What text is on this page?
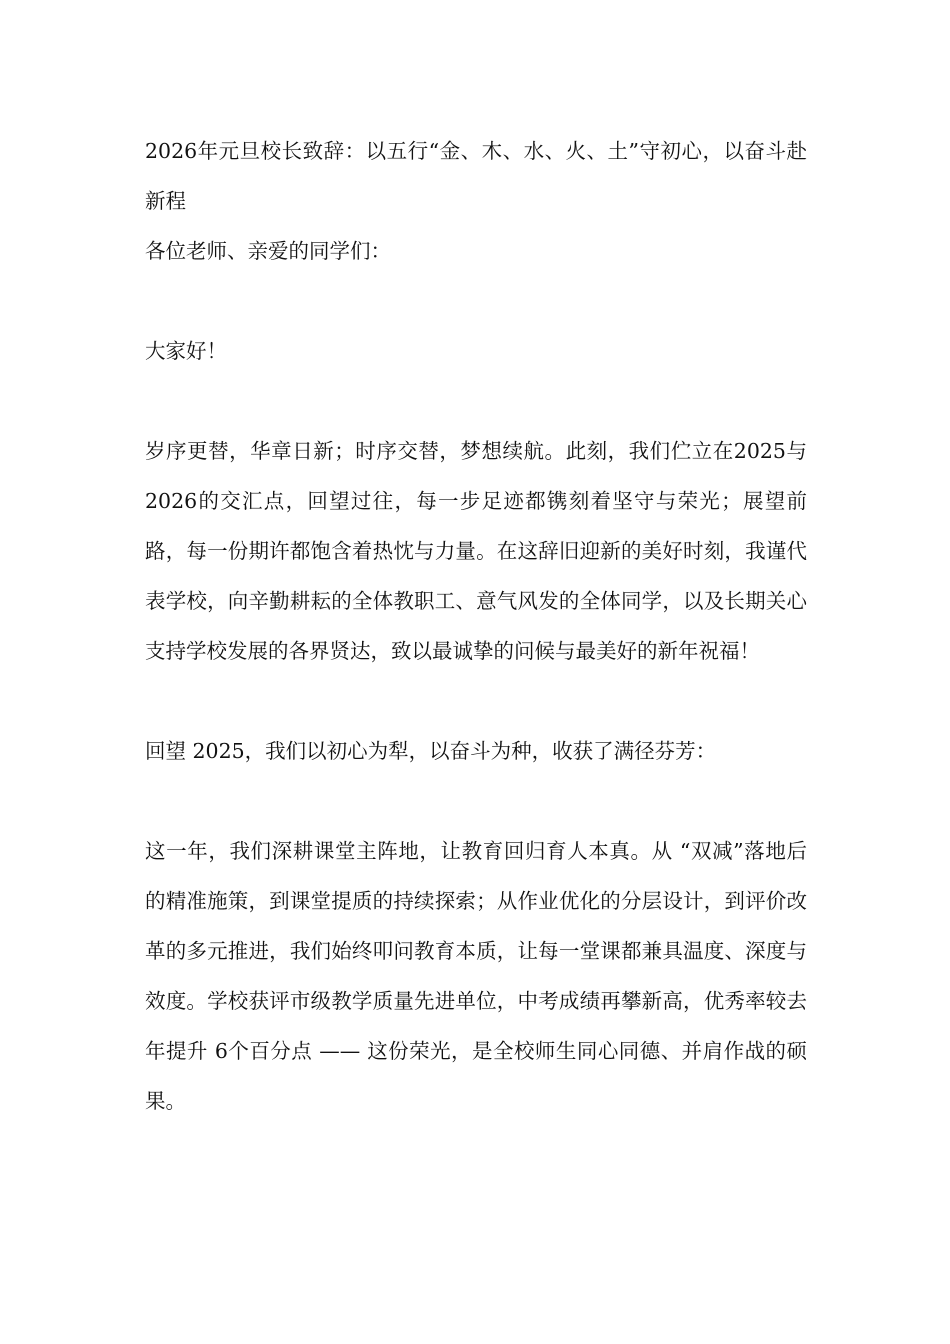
2026年元旦校长致辞：以五行“金、木、水、火、土”守初心，以奋斗赴新程

各位老师、亲爱的同学们：

大家好！

岁序更替，华章日新；时序交替，梦想续航。此刻，我们伫立在2025与 2026的交汇点，回望过往，每一步足迹都镌刻着坚守与荣光；展望前路，每一份期许都饱含着热忱与力量。在这辞旧迎新的美好时刻，我谨代表学校，向辛勤耕耘的全体教职工、意气风发的全体同学，以及长期关心支持学校发展的各界贤达，致以最诚挚的问候与最美好的新年祝福！

回望 2025，我们以初心为犁，以奋斗为种，收获了满径芬芳：

这一年，我们深耕课堂主阵地，让教育回归育人本真。从 “双减”落地后的精准施策，到课堂提质的持续探索；从作业优化的分层设计，到评价改革的多元推进，我们始终叩问教育本质，让每一堂课都兼具温度、深度与效度。学校获评市级教学质量先进单位，中考成绩再攀新高，优秀率较去年提升 6个百分点 —— 这份荣光，是全校师生同心同德、并肩作战的硕果。
